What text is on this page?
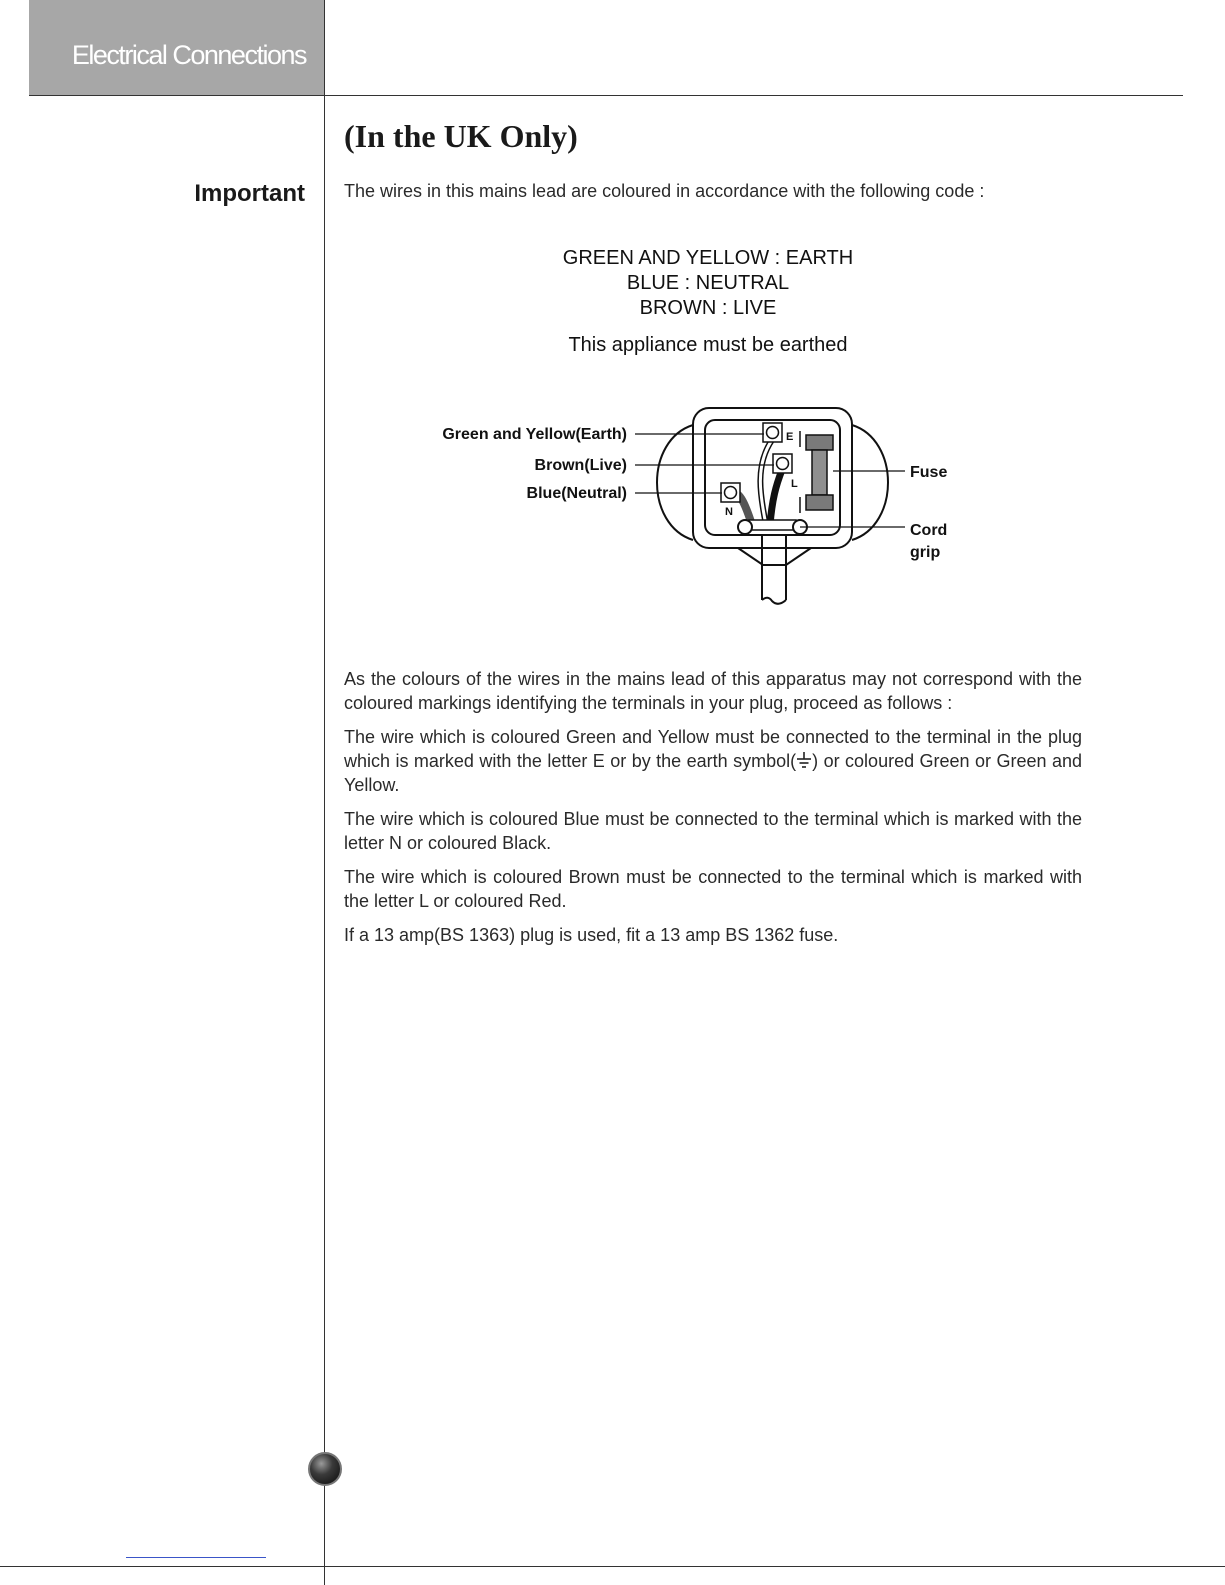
Electrical Connections
(In the UK Only)
Important The wires in this mains lead are coloured in accordance with the following code :
GREEN AND YELLOW : EARTH
BLUE : NEUTRAL
BROWN : LIVE
This appliance must be earthed
Green and Yellow(Earth)
Brown(Live)
Blue(Neutral)
Fuse
Cord
grip
E
L
N

As the colours of the wires in the mains lead of this apparatus may not correspond with the coloured markings identifying the terminals in your plug, proceed as follows :

The wire which is coloured Green and Yellow must be connected to the terminal in the plug which is marked with the letter E or by the earth symbol( ) or coloured Green or Green and Yellow.

The wire which is coloured Blue must be connected to the terminal which is marked with the letter N or coloured Black.

The wire which is coloured Brown must be connected to the terminal which is marked with the letter L or coloured Red.

If a 13 amp(BS 1363) plug is used, fit a 13 amp BS 1362 fuse.
